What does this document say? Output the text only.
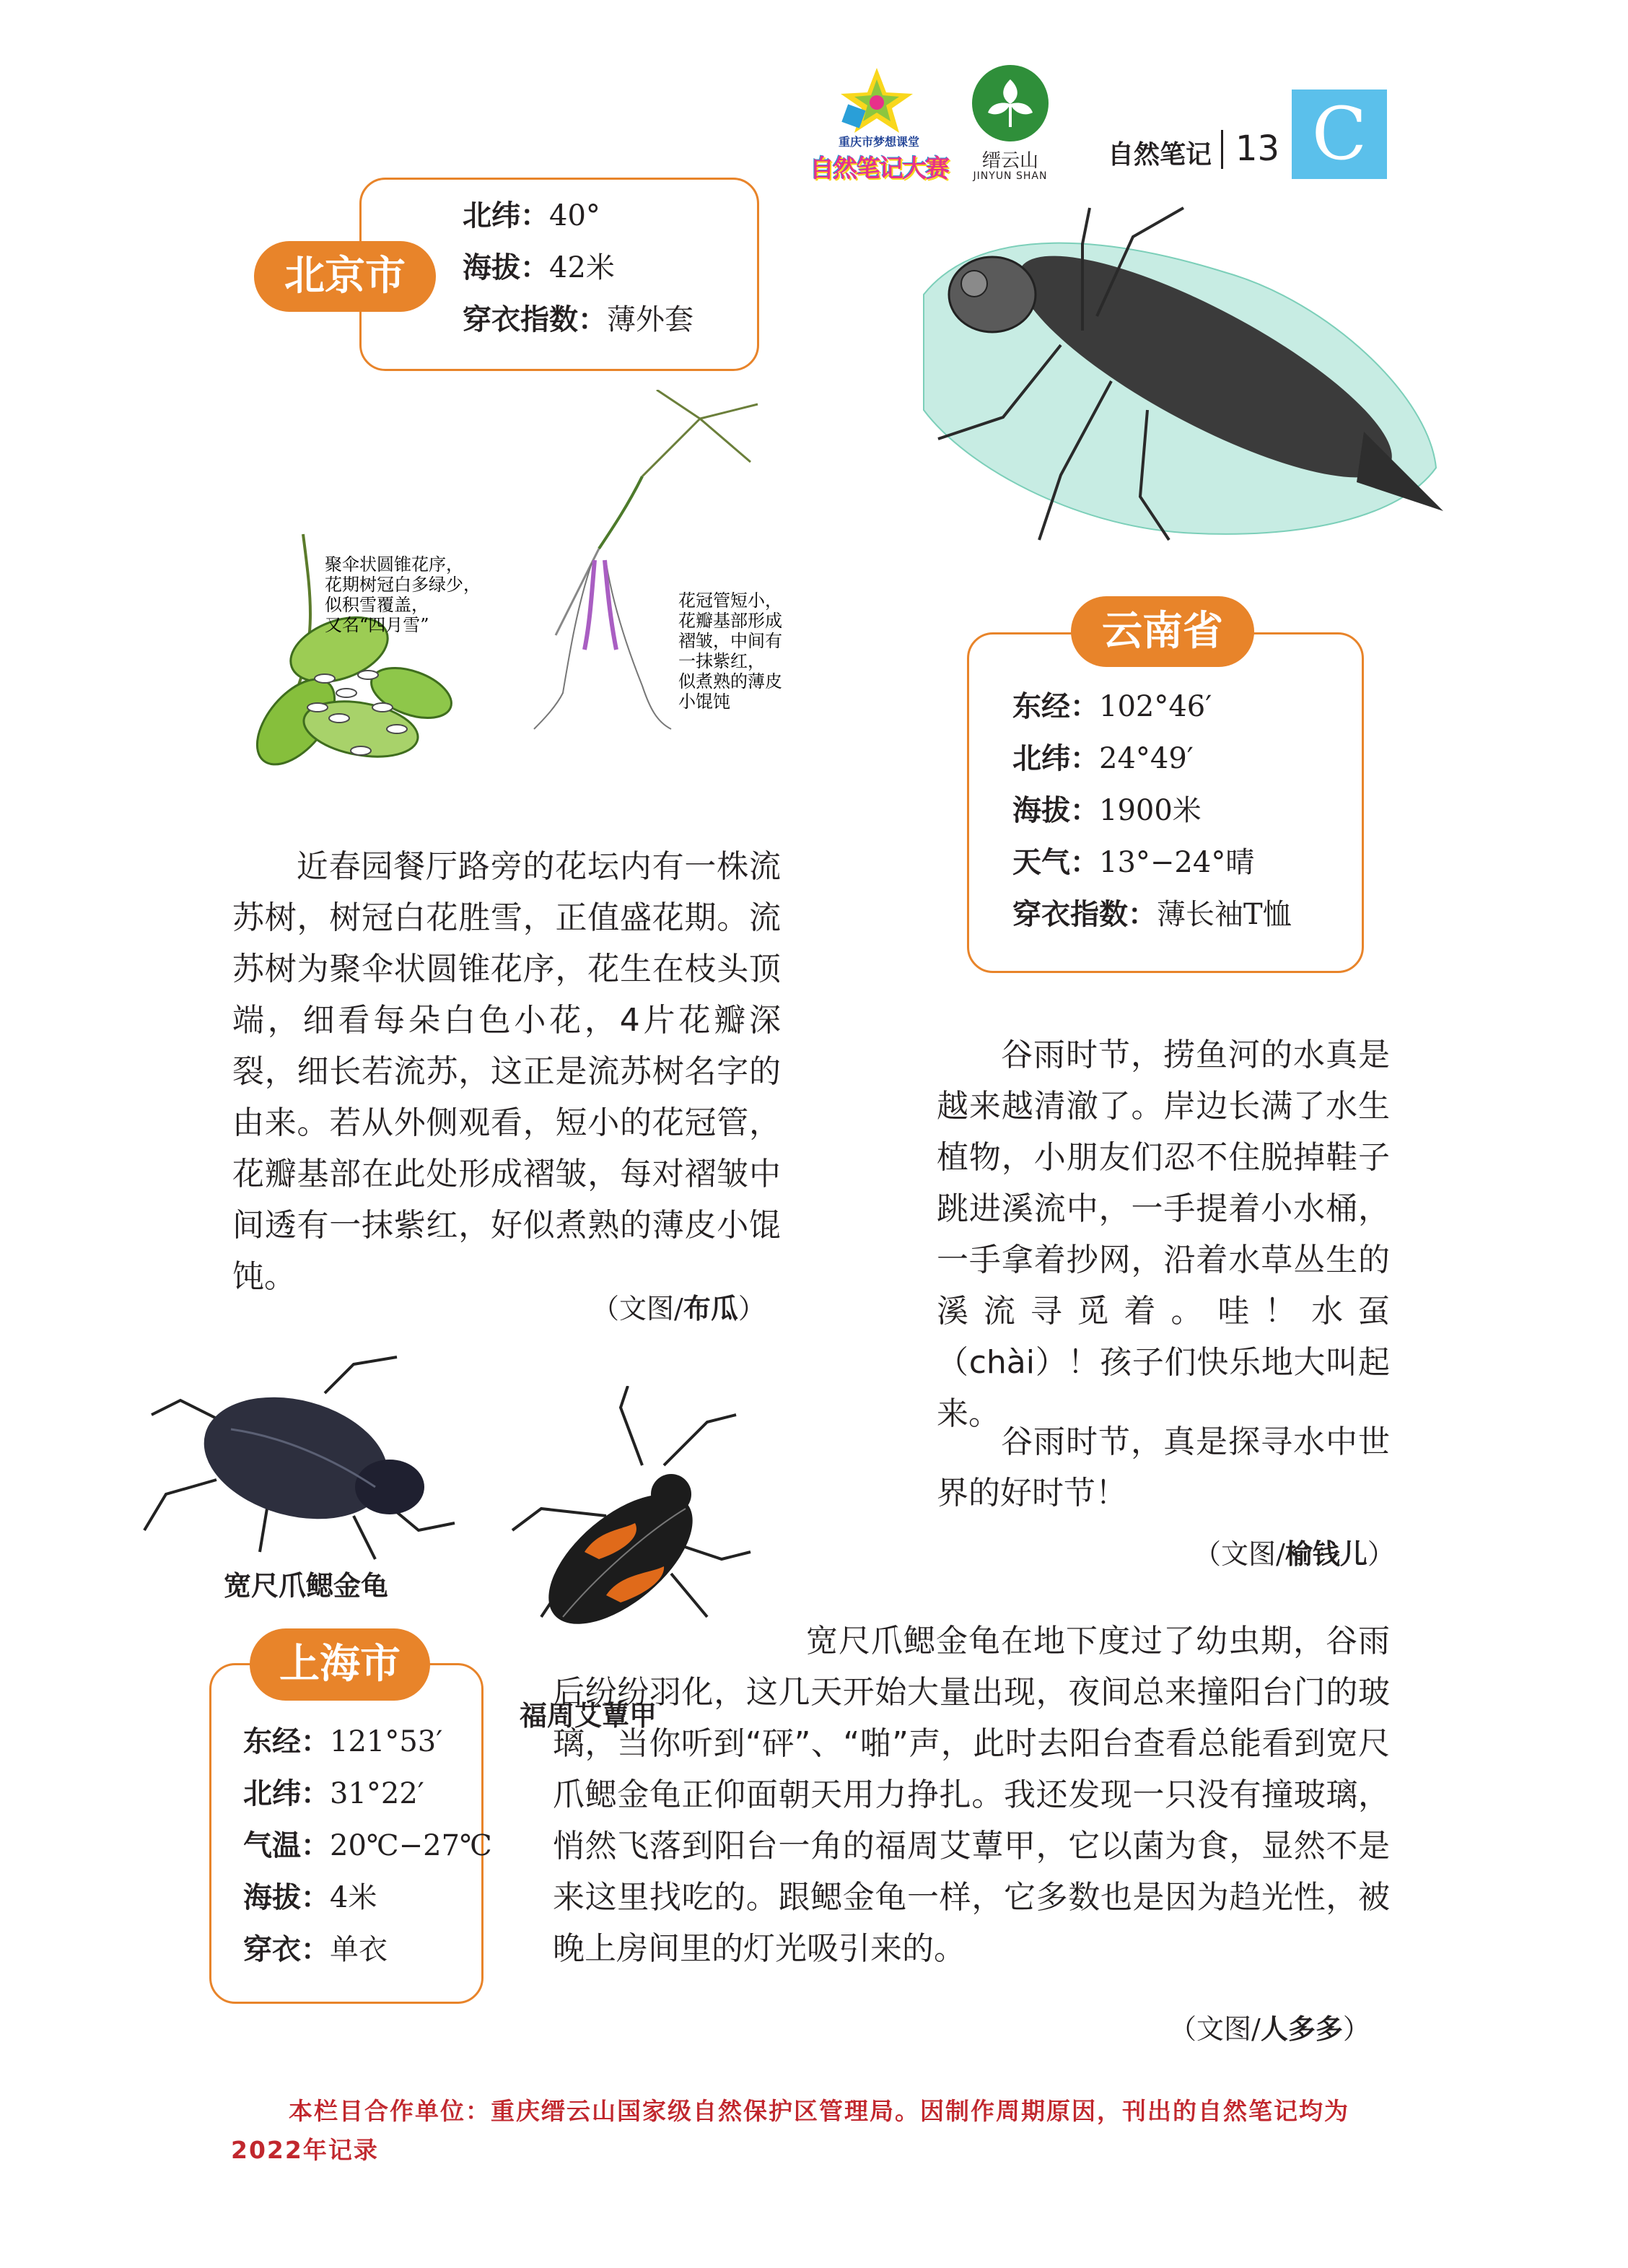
重庆市梦想课堂
自然笔记大赛	缙云山
JINYUN SHAN
自然笔记 13 C
北纬：40°
海拔：42米
穿衣指数：薄外套
北京市
聚伞状圆锥花序， 花期树冠白多绿少， 似积雪覆盖， 又名“四月雪”
花冠管短小， 花瓣基部形成 褶皱，中间有 一抹紫红， 似煮熟的薄皮 小馄饨
近春园餐厅路旁的花坛内有一株流苏树，树冠白花胜雪，正值盛花期。流苏树为聚伞状圆锥花序，花生在枝头顶端，细看每朵白色小花，4片花瓣深裂，细长若流苏，这正是流苏树名字的由来。若从外侧观看，短小的花冠管，花瓣基部在此处形成褶皱，每对褶皱中间透有一抹紫红，好似煮熟的薄皮小馄饨。
（文图/布瓜）
东经：102°46′
北纬：24°49′
海拔：1900米
天气：13°−24°晴
穿衣指数：薄长袖T恤
云南省
谷雨时节，捞鱼河的水真是越来越清澈了。岸边长满了水生植物，小朋友们忍不住脱掉鞋子跳进溪流中，一手提着小水桶，一手拿着抄网，沿着水草丛生的溪流寻觅着。哇！水虿（chài）！孩子们快乐地大叫起来。
谷雨时节，真是探寻水中世界的好时节！
（文图/榆钱儿）
宽尺爪鳃金龟
福周艾蕈甲
东经：121°53′
北纬：31°22′
气温：20℃−27℃
海拔：4米
穿衣：单衣
上海市	宽尺爪鳃金龟在地下度过了幼虫期，谷雨后纷纷羽化，这几天开始大量出现，夜间总来撞阳台门的玻璃，当你听到“砰”、“啪”声，此时去阳台查看总能看到宽尺爪鳃金龟正仰面朝天用力挣扎。我还发现一只没有撞玻璃，悄然飞落到阳台一角的福周艾蕈甲，它以菌为食，显然不是来这里找吃的。跟鳃金龟一样，它多数也是因为趋光性，被晚上房间里的灯光吸引来的。
（文图/人多多）
本栏目合作单位：重庆缙云山国家级自然保护区管理局。因制作周期原因，刊出的自然笔记均为2022年记录
